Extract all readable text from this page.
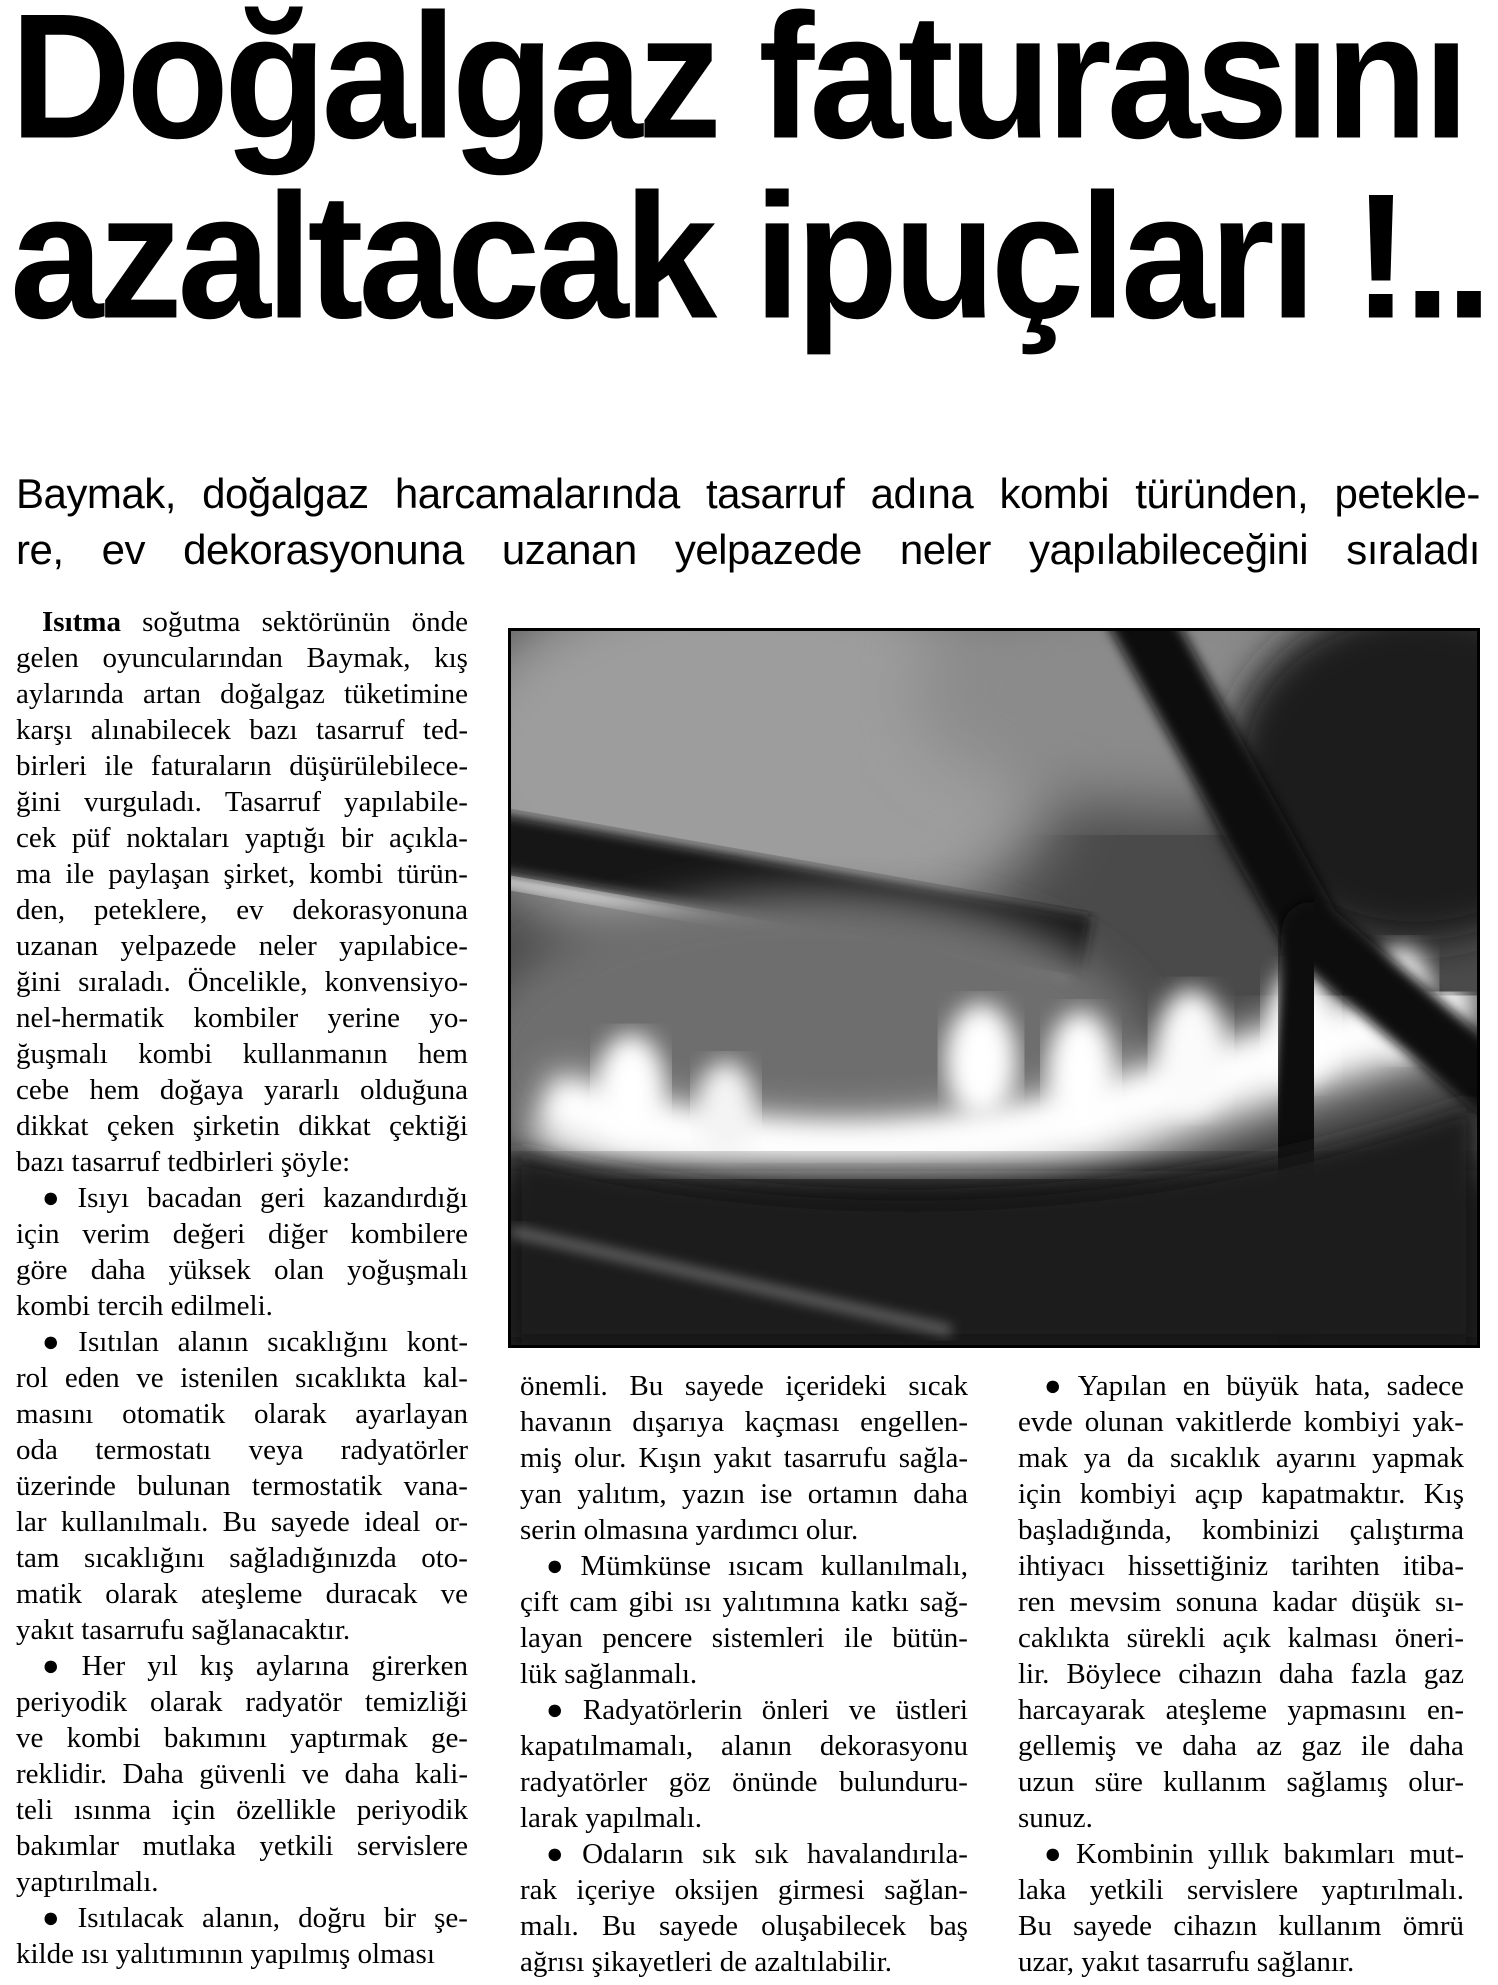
Doğalgaz faturasını
azaltacak ipuçları !..
Baymak, doğalgaz harcamalarında tasarruf adına kombi türünden, petekle-
re, ev dekorasyonuna uzanan yelpazede neler yapılabileceğini sıraladı
Isıtma soğutma sektörünün önde
gelen oyuncularından Baymak, kış
aylarında artan doğalgaz tüketimine
karşı alınabilecek bazı tasarruf ted-
birleri ile faturaların düşürülebilece-
ğini vurguladı. Tasarruf yapılabile-
cek püf noktaları yaptığı bir açıkla-
ma ile paylaşan şirket, kombi türün-
den, peteklere, ev dekorasyonuna
uzanan yelpazede neler yapılabice-
ğini sıraladı. Öncelikle, konvensiyo-
nel-hermatik kombiler yerine yo-
ğuşmalı kombi kullanmanın hem
cebe hem doğaya yararlı olduğuna
dikkat çeken şirketin dikkat çektiği
bazı tasarruf tedbirleri şöyle:
● Isıyı bacadan geri kazandırdığı
için verim değeri diğer kombilere
göre daha yüksek olan yoğuşmalı
kombi tercih edilmeli.
● Isıtılan alanın sıcaklığını kont-
rol eden ve istenilen sıcaklıkta kal-
masını otomatik olarak ayarlayan
oda termostatı veya radyatörler
üzerinde bulunan termostatik vana-
lar kullanılmalı. Bu sayede ideal or-
tam sıcaklığını sağladığınızda oto-
matik olarak ateşleme duracak ve
yakıt tasarrufu sağlanacaktır.
● Her yıl kış aylarına girerken
periyodik olarak radyatör temizliği
ve kombi bakımını yaptırmak ge-
reklidir. Daha güvenli ve daha kali-
teli ısınma için özellikle periyodik
bakımlar mutlaka yetkili servislere
yaptırılmalı.
● Isıtılacak alanın, doğru bir şe-
kilde ısı yalıtımının yapılmış olması
önemli. Bu sayede içerideki sıcak
havanın dışarıya kaçması engellen-
miş olur. Kışın yakıt tasarrufu sağla-
yan yalıtım, yazın ise ortamın daha
serin olmasına yardımcı olur.
● Mümkünse ısıcam kullanılmalı,
çift cam gibi ısı yalıtımına katkı sağ-
layan pencere sistemleri ile bütün-
lük sağlanmalı.
● Radyatörlerin önleri ve üstleri
kapatılmamalı, alanın dekorasyonu
radyatörler göz önünde bulunduru-
larak yapılmalı.
● Odaların sık sık havalandırıla-
rak içeriye oksijen girmesi sağlan-
malı. Bu sayede oluşabilecek baş
ağrısı şikayetleri de azaltılabilir.
● Yapılan en büyük hata, sadece
evde olunan vakitlerde kombiyi yak-
mak ya da sıcaklık ayarını yapmak
için kombiyi açıp kapatmaktır. Kış
başladığında, kombinizi çalıştırma
ihtiyacı hissettiğiniz tarihten itiba-
ren mevsim sonuna kadar düşük sı-
caklıkta sürekli açık kalması öneri-
lir. Böylece cihazın daha fazla gaz
harcayarak ateşleme yapmasını en-
gellemiş ve daha az gaz ile daha
uzun süre kullanım sağlamış olur-
sunuz.
● Kombinin yıllık bakımları mut-
laka yetkili servislere yaptırılmalı.
Bu sayede cihazın kullanım ömrü
uzar, yakıt tasarrufu sağlanır.
